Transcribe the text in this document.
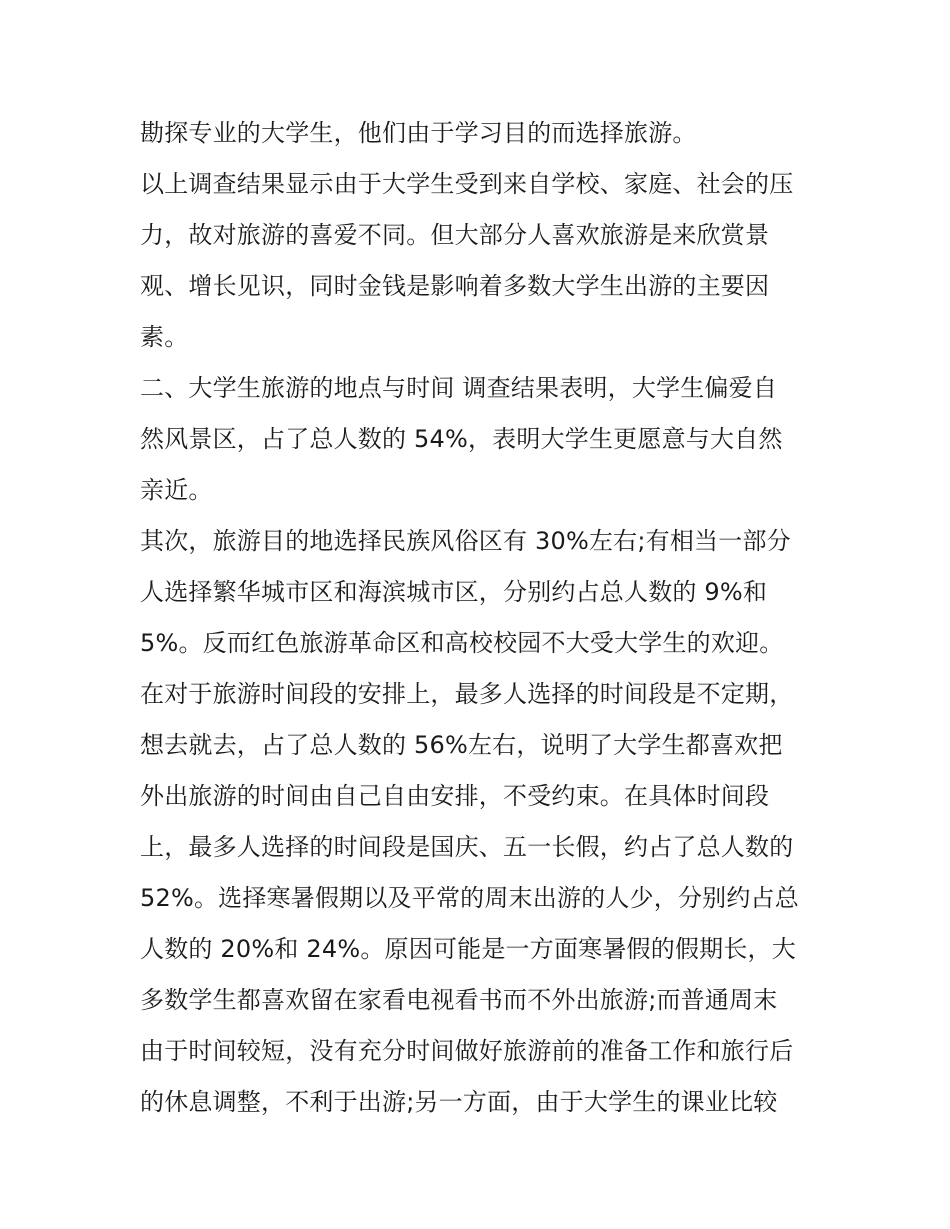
勘探专业的大学生，他们由于学习目的而选择旅游。
以上调查结果显示由于大学生受到来自学校、家庭、社会的压
力，故对旅游的喜爱不同。但大部分人喜欢旅游是来欣赏景
观、增长见识，同时金钱是影响着多数大学生出游的主要因
素。
二、大学生旅游的地点与时间 调查结果表明，大学生偏爱自
然风景区，占了总人数的 54%，表明大学生更愿意与大自然
亲近。
其次，旅游目的地选择民族风俗区有 30%左右;有相当一部分
人选择繁华城市区和海滨城市区，分别约占总人数的 9%和
5%。反而红色旅游革命区和高校校园不大受大学生的欢迎。
在对于旅游时间段的安排上，最多人选择的时间段是不定期，
想去就去，占了总人数的 56%左右，说明了大学生都喜欢把
外出旅游的时间由自己自由安排，不受约束。在具体时间段
上，最多人选择的时间段是国庆、五一长假，约占了总人数的
52%。选择寒暑假期以及平常的周末出游的人少，分别约占总
人数的 20%和 24%。原因可能是一方面寒暑假的假期长，大
多数学生都喜欢留在家看电视看书而不外出旅游;而普通周末
由于时间较短，没有充分时间做好旅游前的准备工作和旅行后
的休息调整，不利于出游;另一方面，由于大学生的课业比较
